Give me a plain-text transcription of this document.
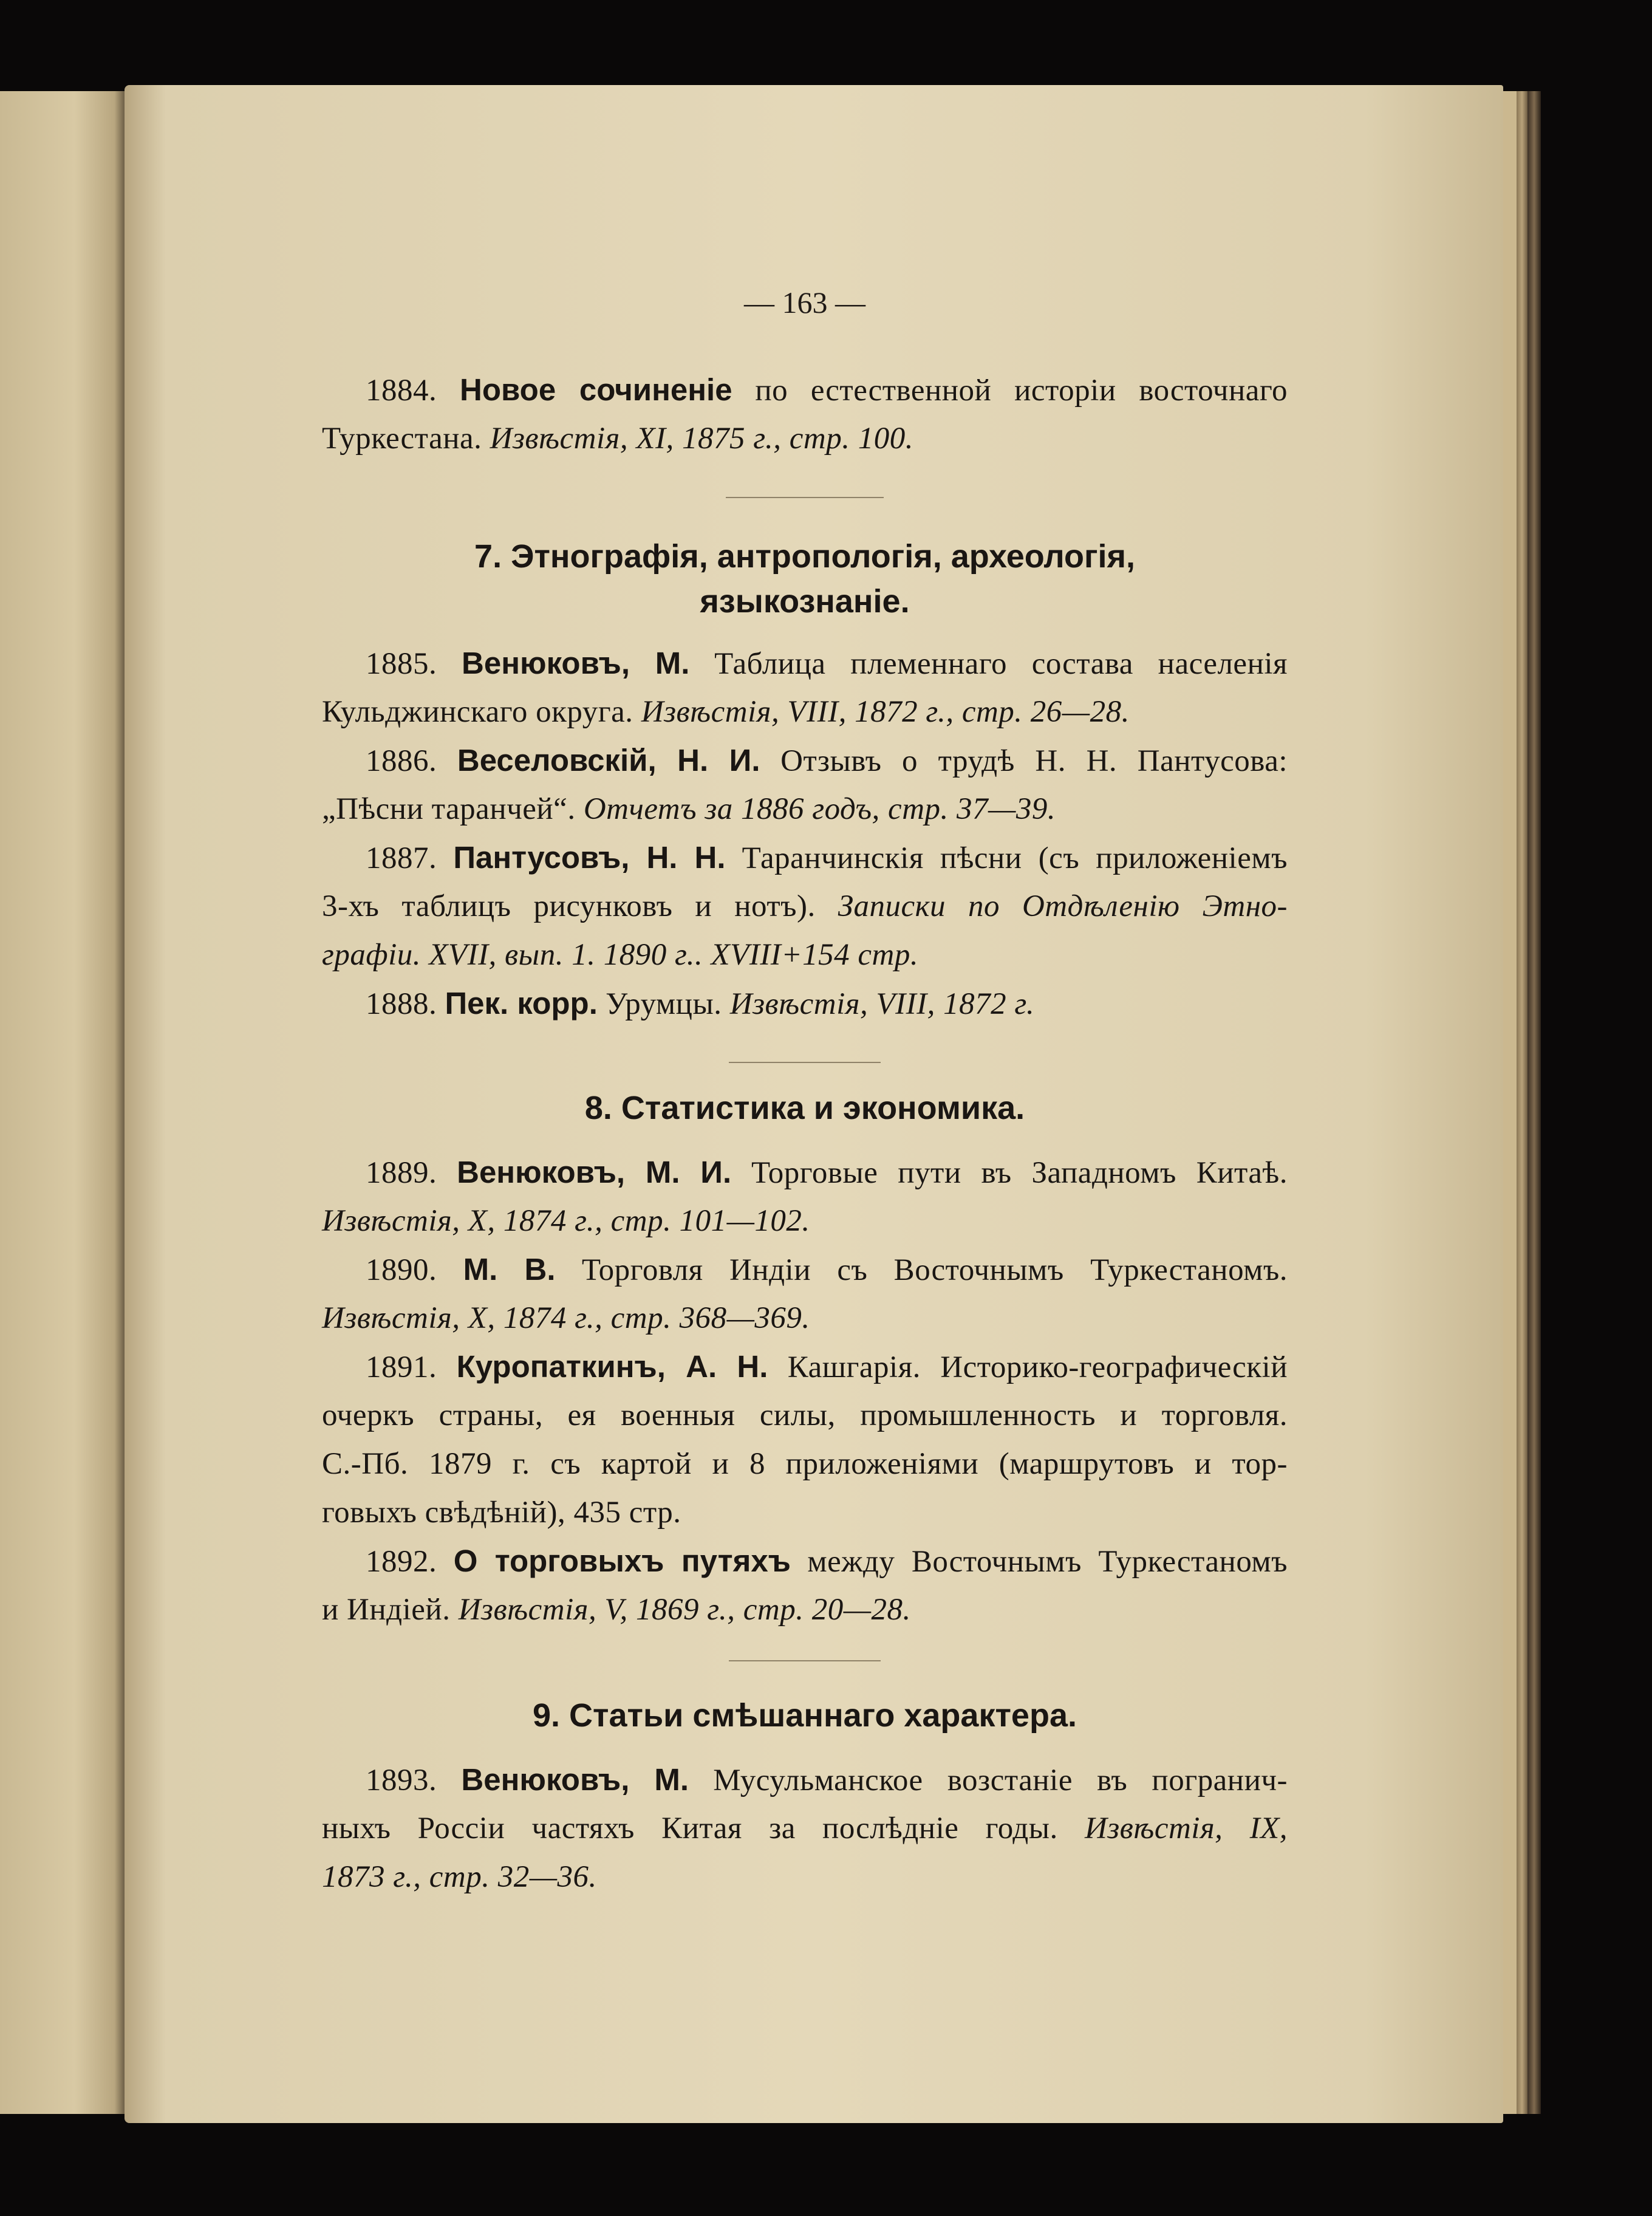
— 163 —
1884. Новое сочиненіе по естественной исторіи восточнаго
Туркестана. Извѣстія, XI, 1875 г., стр. 100.
7. Этнографія, антропологія, археологія,
языкознаніе.
1885. Венюковъ, М. Таблица племеннаго состава населенія
Кульджинскаго округа. Извѣстія, VIII, 1872 г., стр. 26—28.
1886. Веселовскій, Н. И. Отзывъ о трудѣ Н. Н. Пантусова:
„Пѣсни таранчей“. Отчетъ за 1886 годъ, стр. 37—39.
1887. Пантусовъ, Н. Н. Таранчинскія пѣсни (съ приложеніемъ
3-хъ таблицъ рисунковъ и нотъ). Записки по Отдѣленію Этно-
графіи. XVII, вып. 1. 1890 г.. XVIII+154 стр.
1888. Пек. корр. Урумцы. Извѣстія, VIII, 1872 г.
8. Статистика и экономика.
1889. Венюковъ, М. И. Торговые пути въ Западномъ Китаѣ.
Извѣстія, X, 1874 г., стр. 101—102.
1890. М. В. Торговля Индіи съ Восточнымъ Туркестаномъ.
Извѣстія, X, 1874 г., стр. 368—369.
1891. Куропаткинъ, А. Н. Кашгарія. Историко-географическій
очеркъ страны, ея военныя силы, промышленность и торговля.
С.-Пб. 1879 г. съ картой и 8 приложеніями (маршрутовъ и тор-
говыхъ свѣдѣній), 435 стр.
1892. О торговыхъ путяхъ между Восточнымъ Туркестаномъ
и Индіей. Извѣстія, V, 1869 г., стр. 20—28.
9. Статьи смѣшаннаго характера.
1893. Венюковъ, М. Мусульманское возстаніе въ погранич-
ныхъ Россіи частяхъ Китая за послѣдніе годы. Извѣстія, IX,
1873 г., стр. 32—36.
